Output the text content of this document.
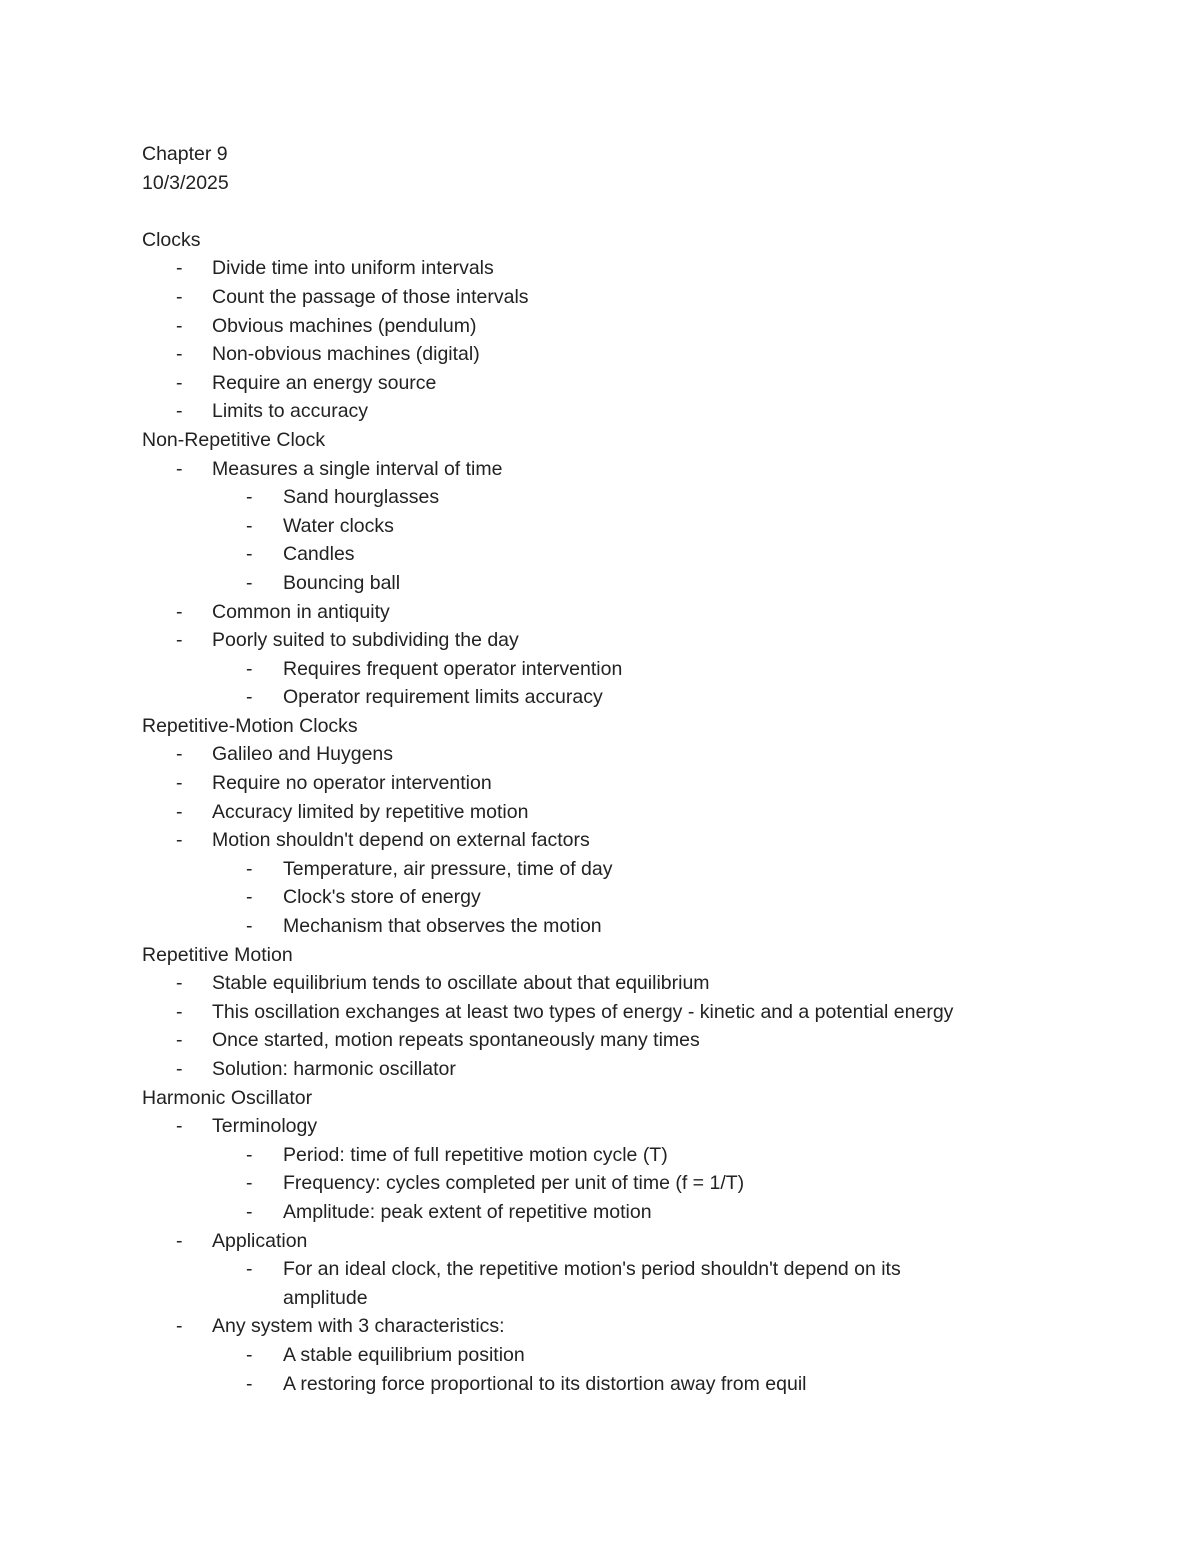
Chapter 9
10/3/2025
Clocks
- Divide time into uniform intervals
- Count the passage of those intervals
- Obvious machines (pendulum)
- Non-obvious machines (digital)
- Require an energy source
- Limits to accuracy
Non-Repetitive Clock
- Measures a single interval of time
- Sand hourglasses
- Water clocks
- Candles
- Bouncing ball
- Common in antiquity
- Poorly suited to subdividing the day
- Requires frequent operator intervention
- Operator requirement limits accuracy
Repetitive-Motion Clocks
- Galileo and Huygens
- Require no operator intervention
- Accuracy limited by repetitive motion
- Motion shouldn't depend on external factors
- Temperature, air pressure, time of day
- Clock's store of energy
- Mechanism that observes the motion
Repetitive Motion
- Stable equilibrium tends to oscillate about that equilibrium
- This oscillation exchanges at least two types of energy - kinetic and a potential energy
- Once started, motion repeats spontaneously many times
- Solution: harmonic oscillator
Harmonic Oscillator
- Terminology
- Period: time of full repetitive motion cycle (T)
- Frequency: cycles completed per unit of time (f = 1/T)
- Amplitude: peak extent of repetitive motion
- Application
- For an ideal clock, the repetitive motion's period shouldn't depend on its amplitude
- Any system with 3 characteristics:
- A stable equilibrium position
- A restoring force proportional to its distortion away from equil
